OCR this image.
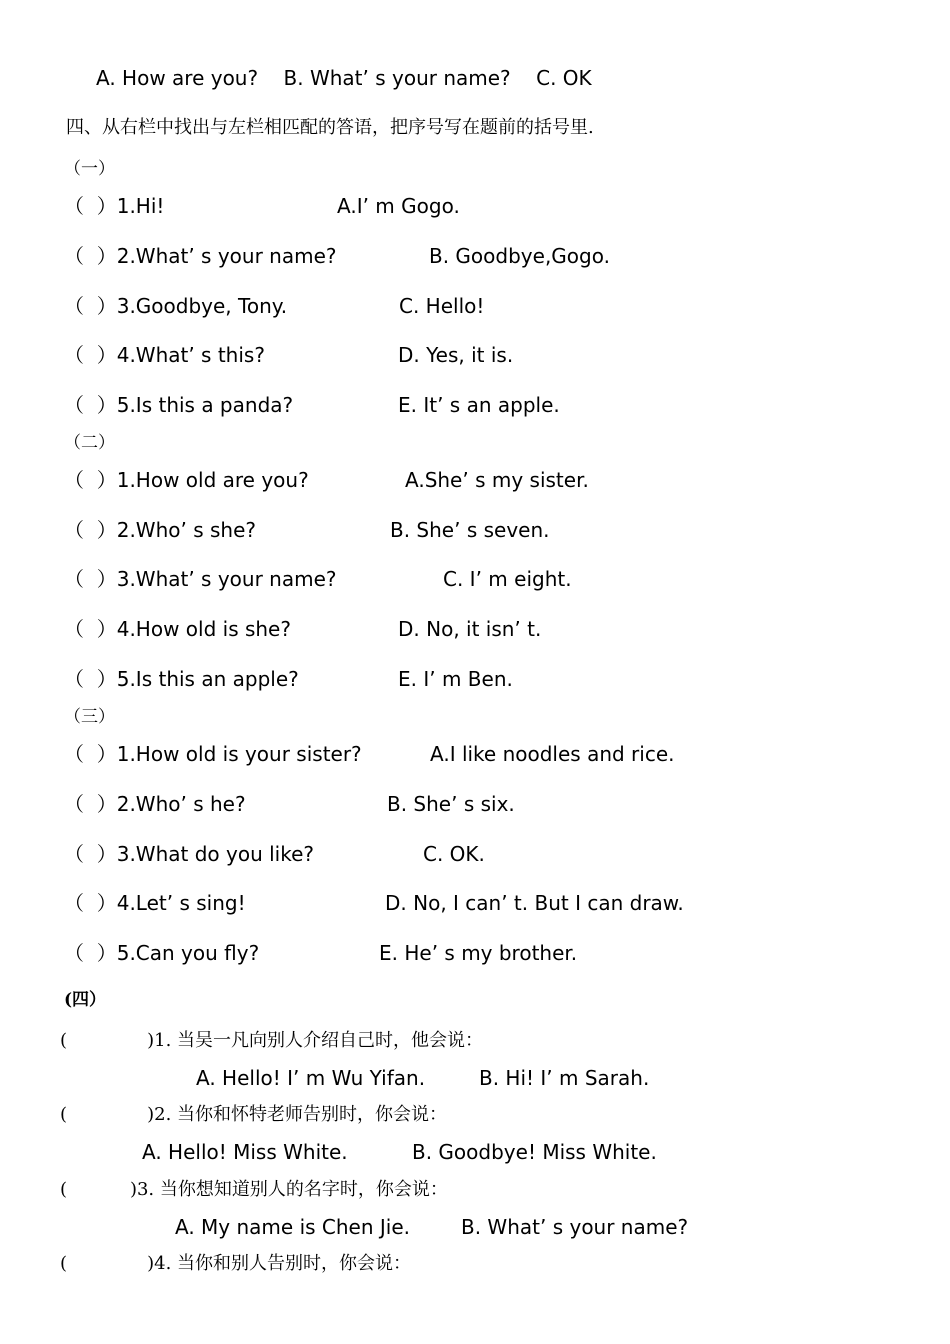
A. How are you?    B. What’ s your name?    C. OK
四、从右栏中找出与左栏相匹配的答语，把序号写在题前的括号里.
（一）
（  ）1.Hi!	A.I’ m Gogo.
（  ）2.What’ s your name?	B. Goodbye,Gogo.
（  ）3.Goodbye, Tony.	C. Hello!
（  ）4.What’ s this?	D. Yes, it is.
（  ）5.Is this a panda?	E. It’ s an apple.
（二）
（  ）1.How old are you?	A.She’ s my sister.
（  ）2.Who’ s she?	B. She’ s seven.
（  ）3.What’ s your name?	C. I’ m eight.
（  ）4.How old is she?	D. No, it isn’ t.
（  ）5.Is this an apple?	E. I’ m Ben.
（三）
（  ）1.How old is your sister?	A.I like noodles and rice.
（  ）2.Who’ s he?	B. She’ s six.
（  ）3.What do you like?	C. OK.
（  ）4.Let’ s sing!	D. No, I can’ t. But I can draw.
（  ）5.Can you fly?	E. He’ s my brother.
(四）
(              )1. 当吴一凡向别人介绍自己时，他会说：
A. Hello! I’ m Wu Yifan.	B. Hi! I’ m Sarah.
(              )2. 当你和怀特老师告别时，你会说：
A. Hello! Miss White.	B. Goodbye! Miss White.
(           )3. 当你想知道别人的名字时，你会说：
A. My name is Chen Jie.	B. What’ s your name?
(              )4. 当你和别人告别时，你会说：
